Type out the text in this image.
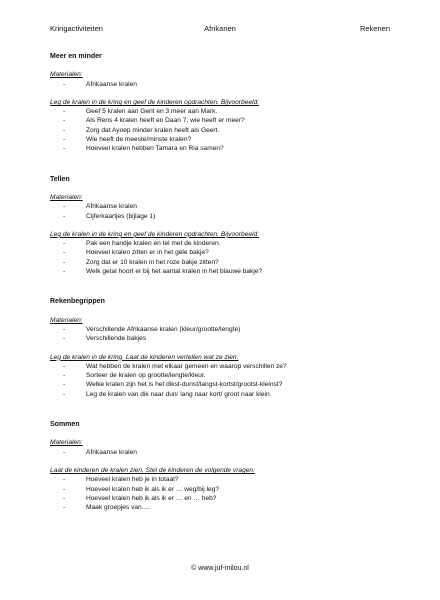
Kringactiviteiten	Afrikanen	Rekenen
Meer en minder
Materialen:
- Afrikaanse kralen
Leg de kralen in de kring en geef de kinderen opdrachten. Bijvoorbeeld:
- Geef 5 kralen aan Gerit en 3 meer aan Mark.
- Als Rens 4 kralen heeft en Daan 7, wie heeft er meer?
- Zorg dat Ayoep minder kralen heeft als Geert.
- Wie heeft de meeste/minste kralen?
- Hoeveel kralen hebben Tamara en Ria samen?
Tellen
Materialen:
- Afrikaanse kralen
- Cijferkaartjes (bijlage 1)
Leg de kralen in de kring en geef de kinderen opdrachten. Bijvoorbeeld:
- Pak een handje kralen en tel met de kinderen.
- Hoeveel kralen zitten er in het gele bakje?
- Zorg dat er 10 kralen in het roze bakje zitten?
- Welk getal hoort er bij het aantal kralen in het blauwe bakje?
Rekenbegrippen
Materialen:
- Verschillende Afrikaanse kralen (kleur/grootte/lengte)
- Verschillende bakjes
Leg de kralen in de kring. Laat de kinderen vertellen wat ze zien.
- Wat hebben de kralen met elkaar gemeen en waarop verschillen ze?
- Sorteer de kralen op grootte/lengte/kleur.
- Welke kralen zijn het is het dikst-dunst/langst-kortst/grootst-kleinst?
- Leg de kralen van dik naar dun/ lang naar kort/ groot naar klein.
Sommen
Materialen:
- Afrikaanse kralen
Laat de kinderen de kralen zien. Stel de kinderen de volgende vragen:
- Hoeveel kralen heb je in totaal?
- Hoeveel kralen heb ik als ik er … weg/bij leg?
- Hoeveel kralen heb ik als ik er … en … heb?
- Maak groepjes van….
© www.juf-milou.nl
